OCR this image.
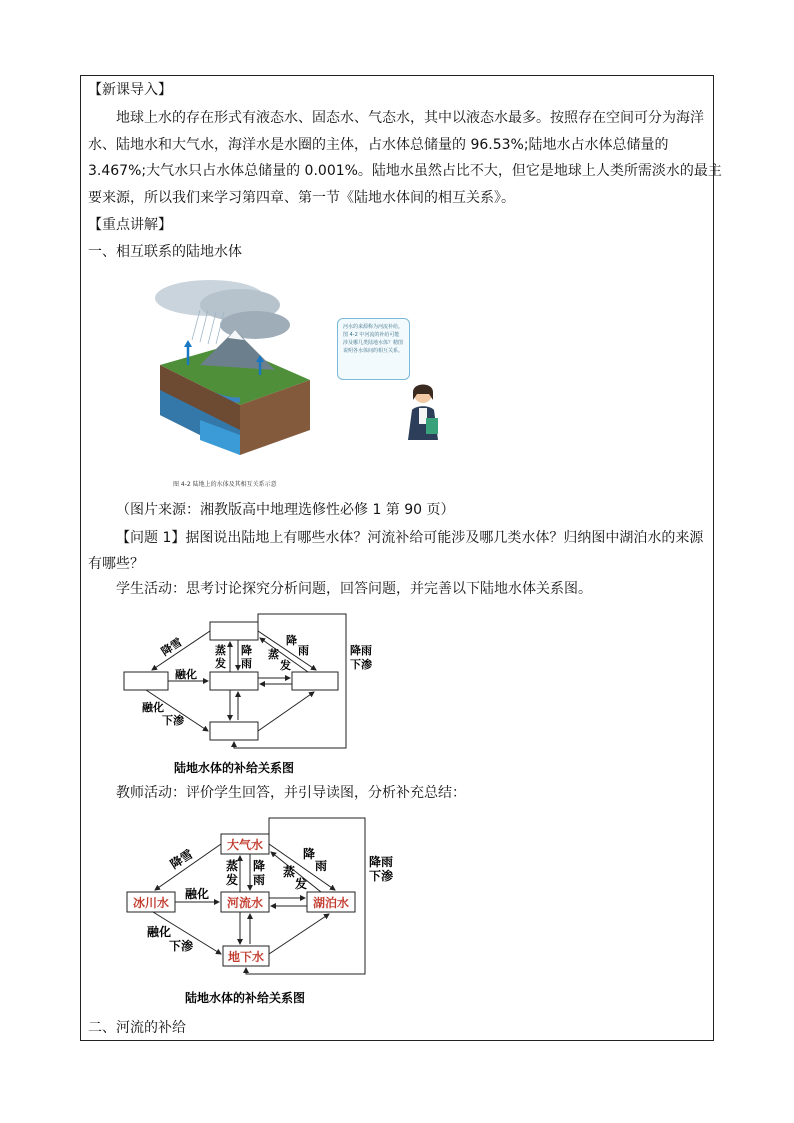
【新课导入】
地球上水的存在形式有液态水、固态水、气态水，其中以液态水最多。按照存在空间可分为海洋
水、陆地水和大气水，海洋水是水圈的主体，占水体总储量的 96.53%;陆地水占水体总储量的
3.467%;大气水只占水体总储量的 0.001%。陆地水虽然占比不大，但它是地球上人类所需淡水的最主
要来源，所以我们来学习第四章、第一节《陆地水体间的相互关系》。
【重点讲解】
一、相互联系的陆地水体
图 4-2 陆地上的水体及其相互关系示意
河水的来源称为河流补给。图 4-2 中河流的补给可能涉及哪几类陆地水体？精图说明各水体间的相互关系。
（图片来源：湘教版高中地理选修性必修 1 第 90 页）
【问题 1】据图说出陆地上有哪些水体？河流补给可能涉及哪几类水体？归纳图中湖泊水的来源
有哪些？
学生活动：思考讨论探究分析问题，回答问题，并完善以下陆地水体关系图。
降雪
融化
融化
下渗
蒸
发
降
雨
降
雨
蒸
发
降雨
下渗
陆地水体的补给关系图
教师活动：评价学生回答，并引导读图，分析补充总结：
大气水
冰川水	河流水	湖泊水
地下水
降雪
融化
融化
下渗
蒸
发
降
雨
降
雨
蒸
发
降雨
下渗
陆地水体的补给关系图
二、河流的补给
